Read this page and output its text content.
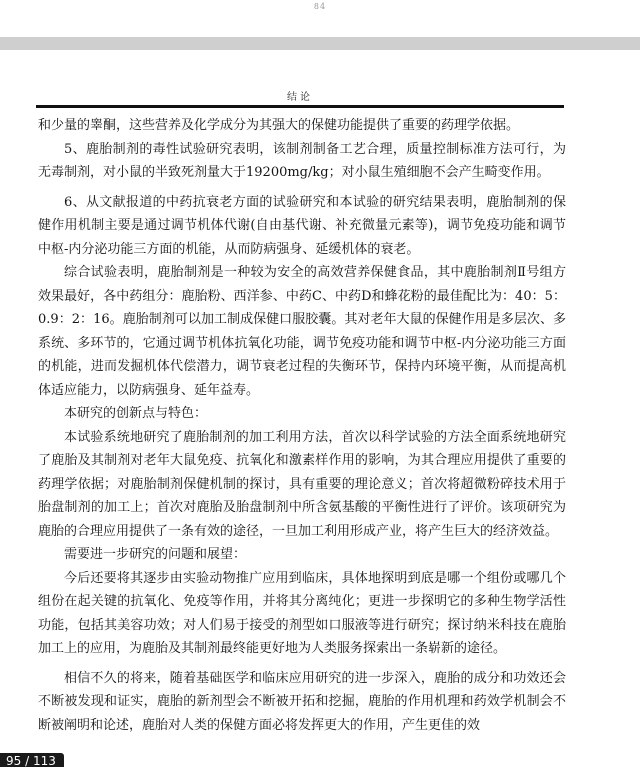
84
结论

和少量的睾酮，这些营养及化学成分为其强大的保健功能提供了重要的药理学依据。

5、鹿胎制剂的毒性试验研究表明，该制剂制备工艺合理，质量控制标准方法可行，为无毒制剂，对小鼠的半致死剂量大于19200mg/kg；对小鼠生殖细胞不会产生畸变作用。

6、从文献报道的中药抗衰老方面的试验研究和本试验的研究结果表明，鹿胎制剂的保健作用机制主要是通过调节机体代谢(自由基代谢、补充微量元素等)，调节免疫功能和调节中枢-内分泌功能三方面的机能，从而防病强身、延缓机体的衰老。

综合试验表明，鹿胎制剂是一种较为安全的高效营养保健食品，其中鹿胎制剂Ⅱ号组方效果最好，各中药组分：鹿胎粉、西洋参、中药C、中药D和蜂花粉的最佳配比为：40：5：0.9：2：16。鹿胎制剂可以加工制成保健口服胶囊。其对老年大鼠的保健作用是多层次、多系统、多环节的，它通过调节机体抗氧化功能，调节免疫功能和调节中枢-内分泌功能三方面的机能，进而发掘机体代偿潜力，调节衰老过程的失衡环节，保持内环境平衡，从而提高机体适应能力，以防病强身、延年益寿。

本研究的创新点与特色：

本试验系统地研究了鹿胎制剂的加工利用方法，首次以科学试验的方法全面系统地研究了鹿胎及其制剂对老年大鼠免疫、抗氧化和激素样作用的影响，为其合理应用提供了重要的药理学依据；对鹿胎制剂保健机制的探讨，具有重要的理论意义；首次将超微粉碎技术用于胎盘制剂的加工上；首次对鹿胎及胎盘制剂中所含氨基酸的平衡性进行了评价。该项研究为鹿胎的合理应用提供了一条有效的途径，一旦加工利用形成产业，将产生巨大的经济效益。

需要进一步研究的问题和展望：

今后还要将其逐步由实验动物推广应用到临床，具体地探明到底是哪一个组份或哪几个组份在起关键的抗氧化、免疫等作用，并将其分离纯化；更进一步探明它的多种生物学活性功能，包括其美容功效；对人们易于接受的剂型如口服液等进行研究；探讨纳米科技在鹿胎加工上的应用，为鹿胎及其制剂最终能更好地为人类服务探索出一条崭新的途径。

相信不久的将来，随着基础医学和临床应用研究的进一步深入，鹿胎的成分和功效还会不断被发现和证实，鹿胎的新剂型会不断被开拓和挖掘，鹿胎的作用机理和药效学机制会不断被阐明和论述，鹿胎对人类的保健方面必将发挥更大的作用，产生更佳的效

95 / 113
